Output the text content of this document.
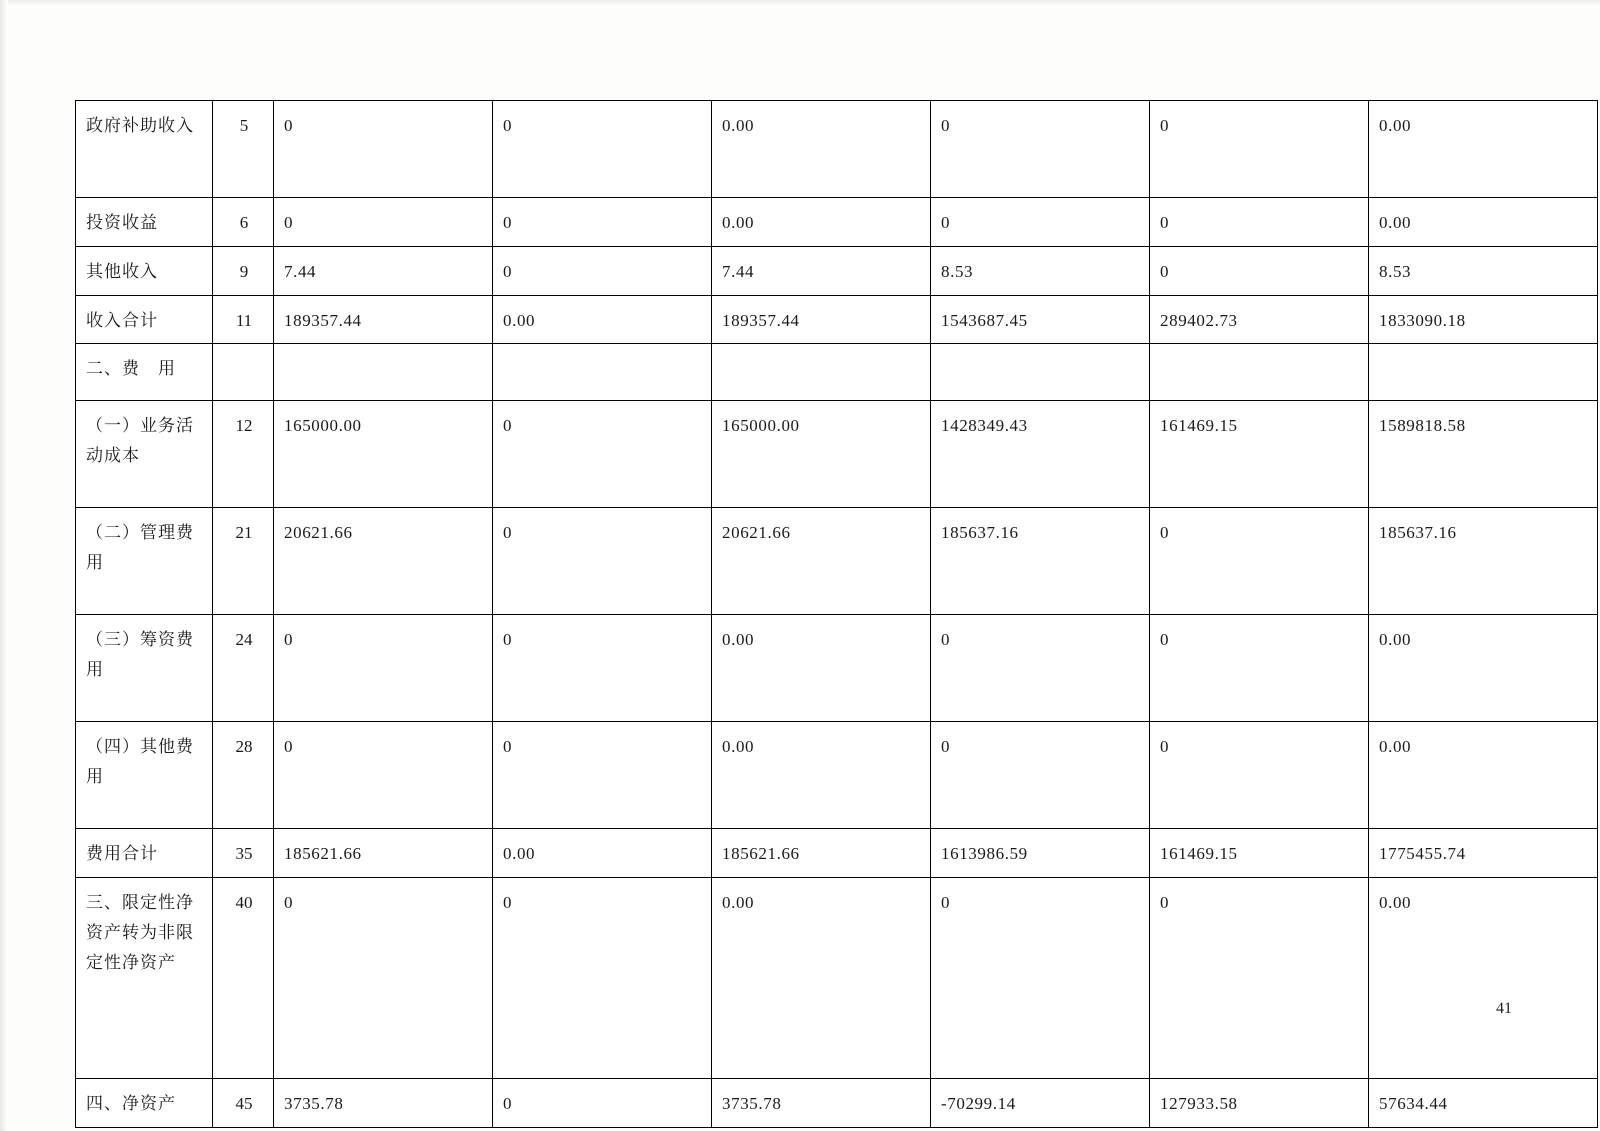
政府补助收入	5	0	0	0.00	0	0	0.00
投资收益	6	0	0	0.00	0	0	0.00
其他收入	9	7.44	0	7.44	8.53	0	8.53
收入合计	11	189357.44	0.00	189357.44	1543687.45	289402.73	1833090.18
二、费　用							
（一）业务活动成本	12	165000.00	0	165000.00	1428349.43	161469.15	1589818.58
（二）管理费用	21	20621.66	0	20621.66	185637.16	0	185637.16
（三）筹资费用	24	0	0	0.00	0	0	0.00
（四）其他费用	28	0	0	0.00	0	0	0.00
费用合计	35	185621.66	0.00	185621.66	1613986.59	161469.15	1775455.74
三、限定性净资产转为非限定性净资产	40	0	0	0.00	0	0	0.00
四、净资产	45	3735.78	0	3735.78	-70299.14	127933.58	57634.44
41
